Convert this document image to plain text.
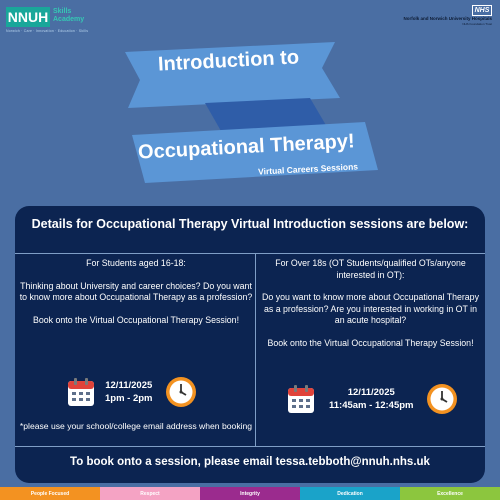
NNUH Skills
Academy
Norwich · Care · Innovation · Education · Skills
NHS
Norfolk and Norwich University Hospitals
NHS Foundation Trust
Introduction to
Occupational Therapy!
Virtual Careers Sessions
Details for Occupational Therapy Virtual Introduction sessions are below:

For Students aged 16-18:

Thinking about University and career choices? Do you want to know more about Occupational Therapy as a profession?

Book onto the Virtual Occupational Therapy Session!

12/11/2025
1pm - 2pm
*please use your school/college email address when booking

For Over 18s (OT Students/qualified OTs/anyone interested in OT):

Do you want to know more about Occupational Therapy as a profession? Are you interested in working in OT in an acute hospital?

Book onto the Virtual Occupational Therapy Session!

12/11/2025
11:45am - 12:45pm
To book onto a session, please email tessa.tebboth@nnuh.nhs.uk
People Focused	Respect	Integrity	Dedication	Excellence
